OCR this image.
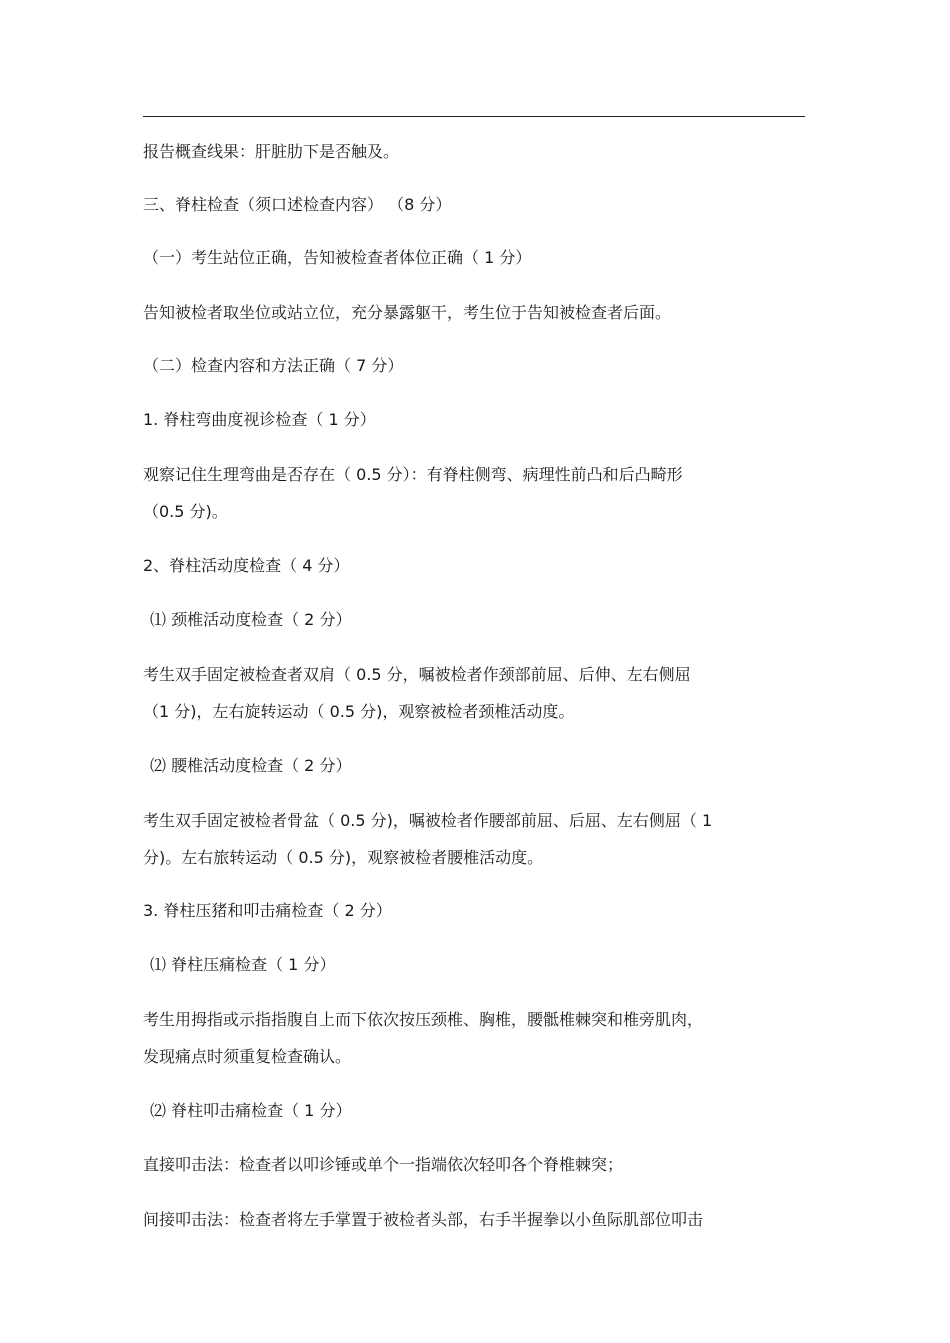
报告概查线果：肝脏肋下是否触及。
三、脊柱检查（须口述检查内容） （8 分）
（一）考生站位正确，告知被检查者体位正确（ 1 分）
告知被检者取坐位或站立位，充分暴露躯干，考生位于告知被检查者后面。
（二）检查内容和方法正确（ 7 分）
1. 脊柱弯曲度视诊检查（ 1 分）
观察记住生理弯曲是否存在（ 0.5 分）：有脊柱侧弯、病理性前凸和后凸畸形
（0.5 分)。
2、脊柱活动度检查（ 4 分）
⑴ 颈椎活动度检查（ 2 分）
考生双手固定被检查者双肩（ 0.5 分，嘱被检者作颈部前屈、后伸、左右侧屈
（1 分)，左右旋转运动（ 0.5 分)，观察被检者颈椎活动度。
⑵ 腰椎活动度检查（ 2 分）
考生双手固定被检者骨盆（ 0.5 分)，嘱被检者作腰部前屈、后屈、左右侧屈（ 1
分)。左右旅转运动（ 0.5 分)，观察被检者腰椎活动度。
3. 脊柱压猪和叩击痛检查（ 2 分）
⑴ 脊柱压痛检查（ 1 分）
考生用拇指或示指指腹自上而下依次按压颈椎、胸椎，腰骶椎棘突和椎旁肌肉，
发现痛点时须重复检查确认。
⑵ 脊柱叩击痛检查（ 1 分）
直接叩击法：检查者以叩诊锤或单个一指端依次轻叩各个脊椎棘突；
间接叩击法：检查者将左手掌置于被检者头部，右手半握拳以小鱼际肌部位叩击
